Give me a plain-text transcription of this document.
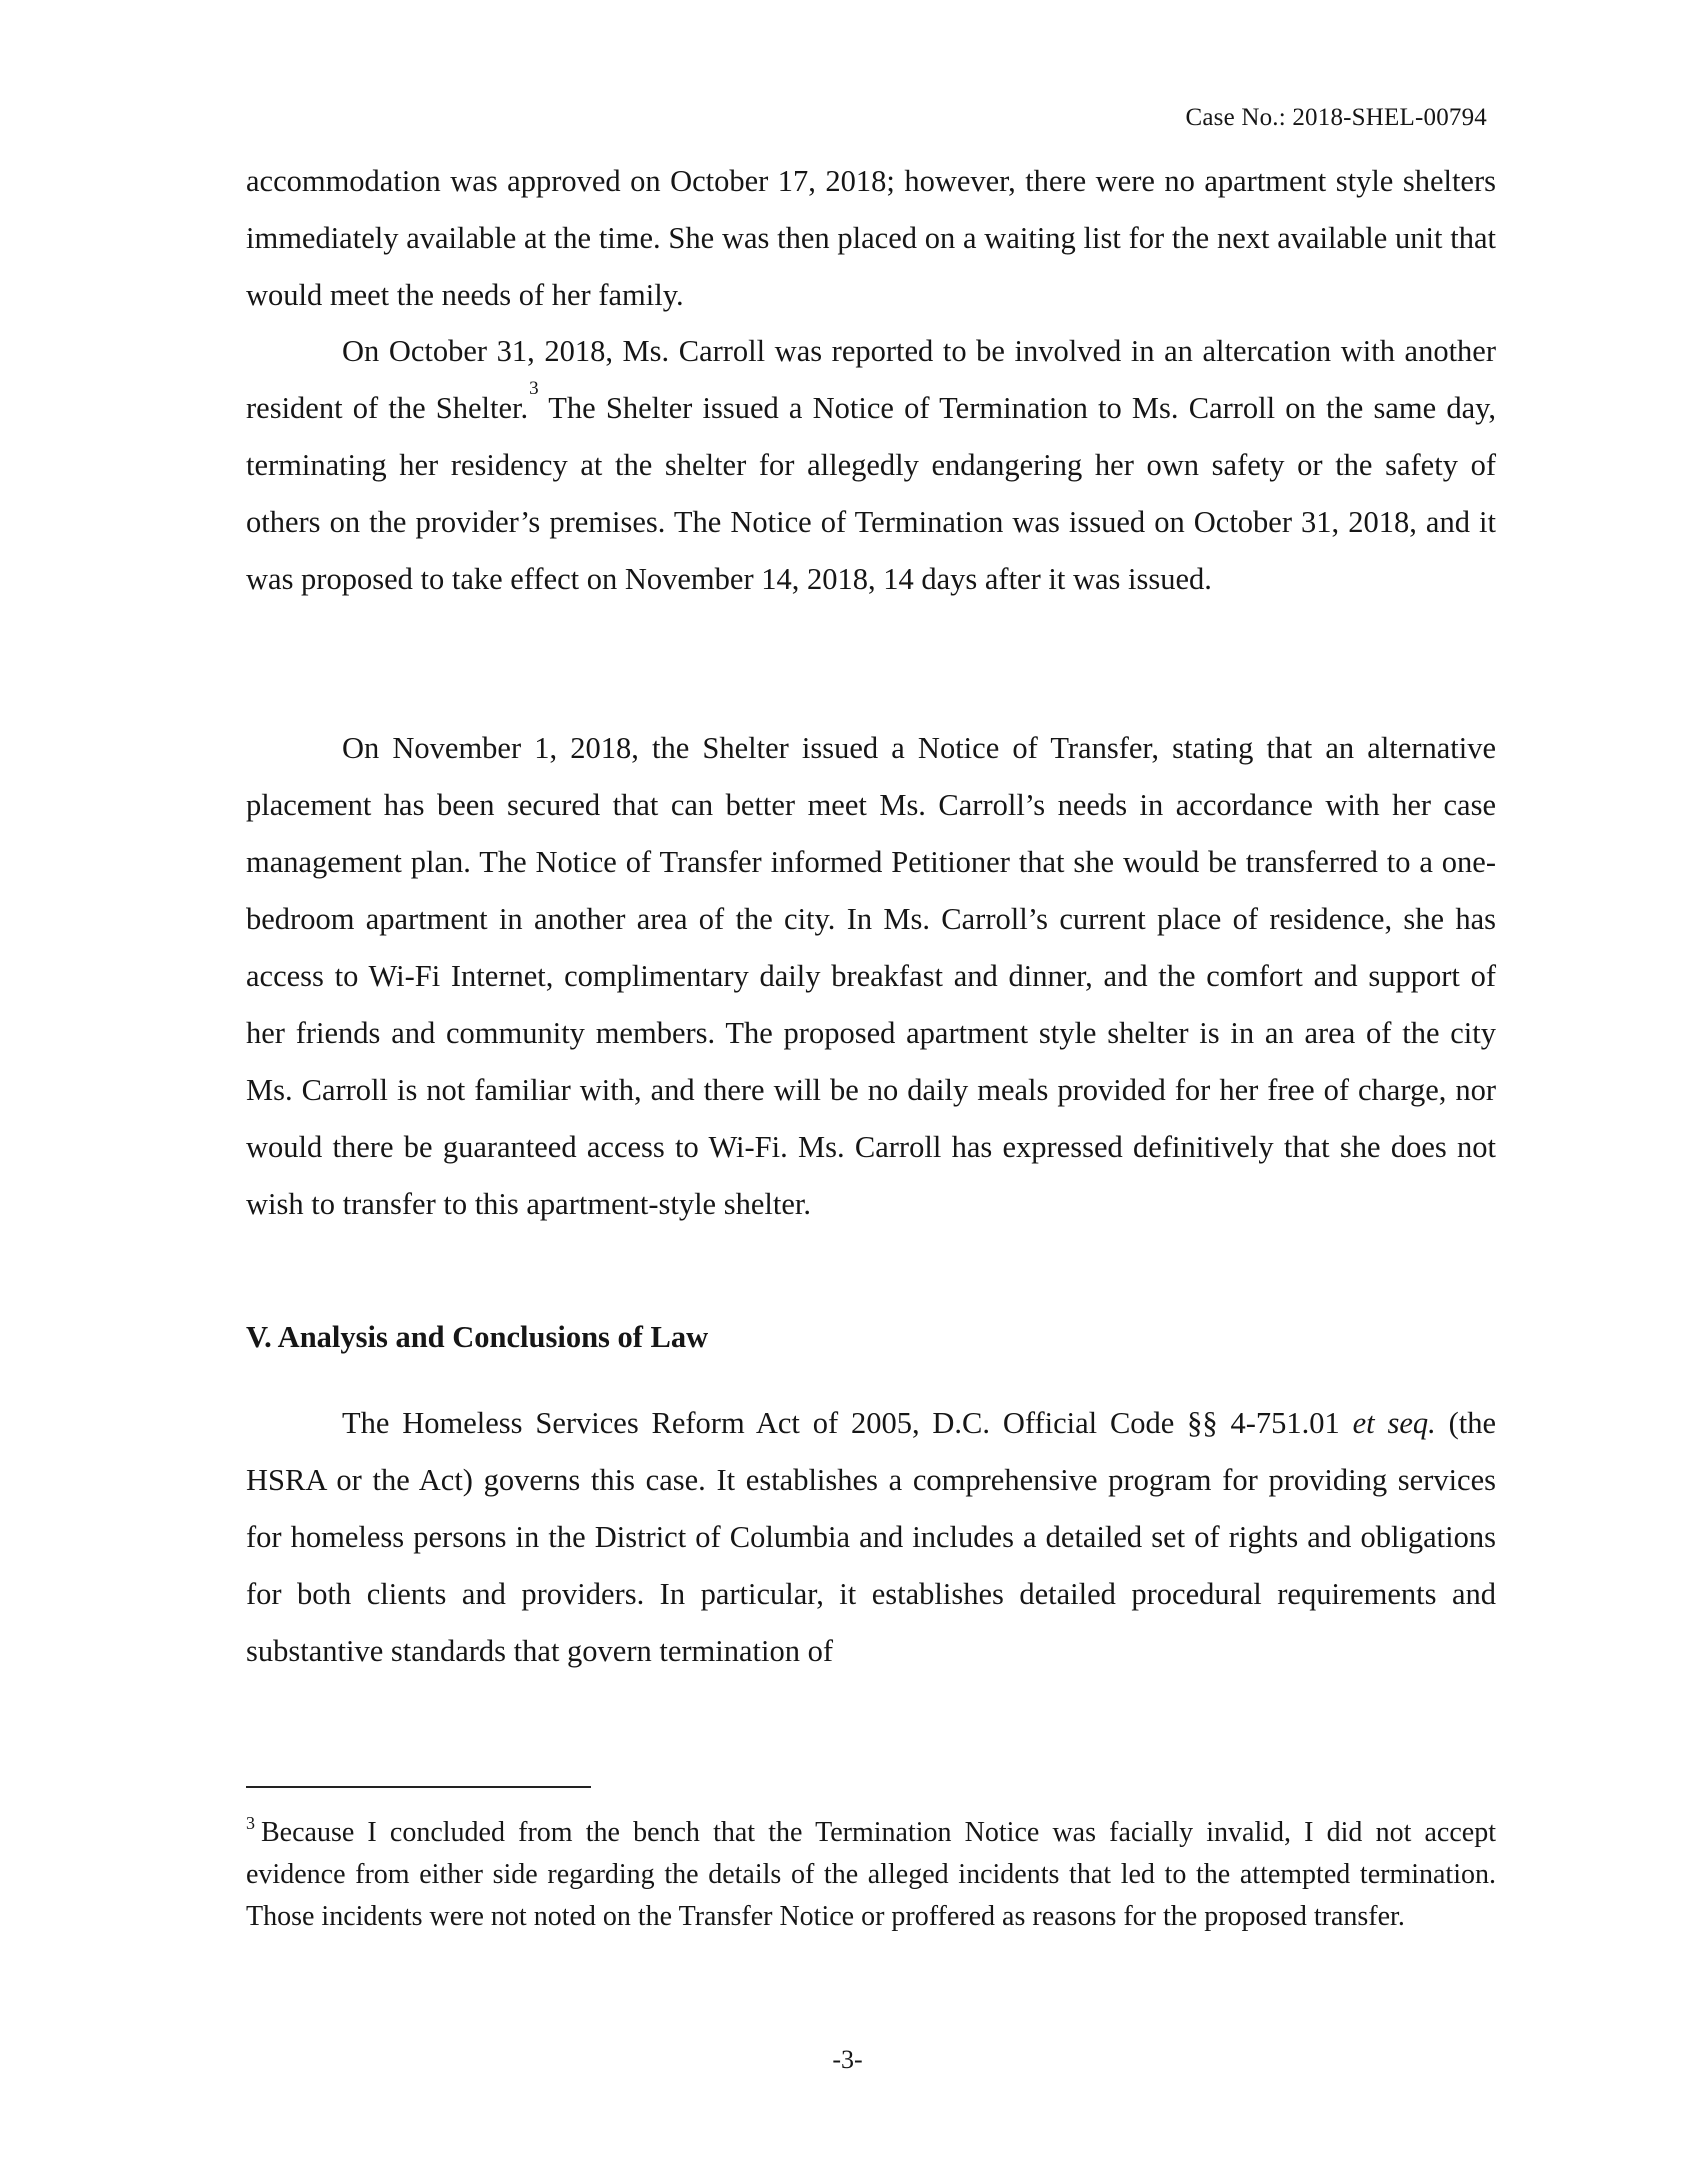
Case No.: 2018-SHEL-00794

accommodation was approved on October 17, 2018; however, there were no apartment style shelters immediately available at the time. She was then placed on a waiting list for the next available unit that would meet the needs of her family.

On October 31, 2018, Ms. Carroll was reported to be involved in an altercation with another resident of the Shelter.$^3$ The Shelter issued a Notice of Termination to Ms. Carroll on the same day, terminating her residency at the shelter for allegedly endangering her own safety or the safety of others on the provider’s premises. The Notice of Termination was issued on October 31, 2018, and it was proposed to take effect on November 14, 2018, 14 days after it was issued.

On November 1, 2018, the Shelter issued a Notice of Transfer, stating that an alternative placement has been secured that can better meet Ms. Carroll’s needs in accordance with her case management plan. The Notice of Transfer informed Petitioner that she would be transferred to a one-bedroom apartment in another area of the city. In Ms. Carroll’s current place of residence, she has access to Wi-Fi Internet, complimentary daily breakfast and dinner, and the comfort and support of her friends and community members. The proposed apartment style shelter is in an area of the city Ms. Carroll is not familiar with, and there will be no daily meals provided for her free of charge, nor would there be guaranteed access to Wi-Fi. Ms. Carroll has expressed definitively that she does not wish to transfer to this apartment-style shelter.

V. Analysis and Conclusions of Law

The Homeless Services Reform Act of 2005, D.C. Official Code §§ 4-751.01 et seq. (the HSRA or the Act) governs this case. It establishes a comprehensive program for providing services for homeless persons in the District of Columbia and includes a detailed set of rights and obligations for both clients and providers. In particular, it establishes detailed procedural requirements and substantive standards that govern termination of

$^3$ Because I concluded from the bench that the Termination Notice was facially invalid, I did not accept evidence from either side regarding the details of the alleged incidents that led to the attempted termination. Those incidents were not noted on the Transfer Notice or proffered as reasons for the proposed transfer.

-3-
